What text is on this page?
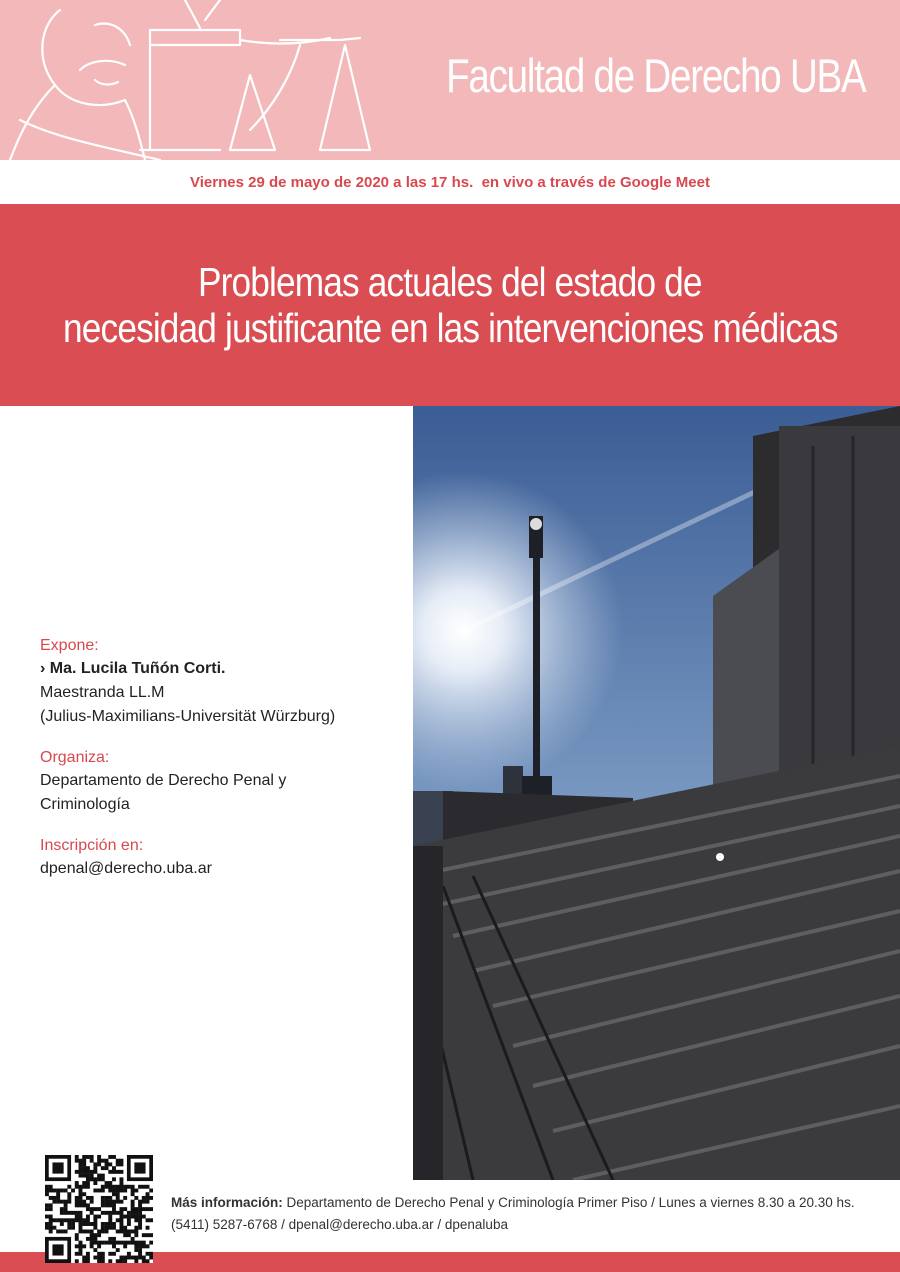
Facultad de Derecho UBA
Viernes 29 de mayo de 2020 a las 17 hs.  en vivo a través de Google Meet
Problemas actuales del estado de
necesidad justificante en las intervenciones médicas
Expone:
› Ma. Lucila Tuñón Corti.
Maestranda LL.M
(Julius-Maximilians-Universität Würzburg)
Organiza:
Departamento de Derecho Penal y
Criminología
Inscripción en:
dpenal@derecho.uba.ar
Más información: Departamento de Derecho Penal y Criminología Primer Piso / Lunes a viernes 8.30 a 20.30 hs.
(5411) 5287-6768 / dpenal@derecho.uba.ar / dpenaluba
